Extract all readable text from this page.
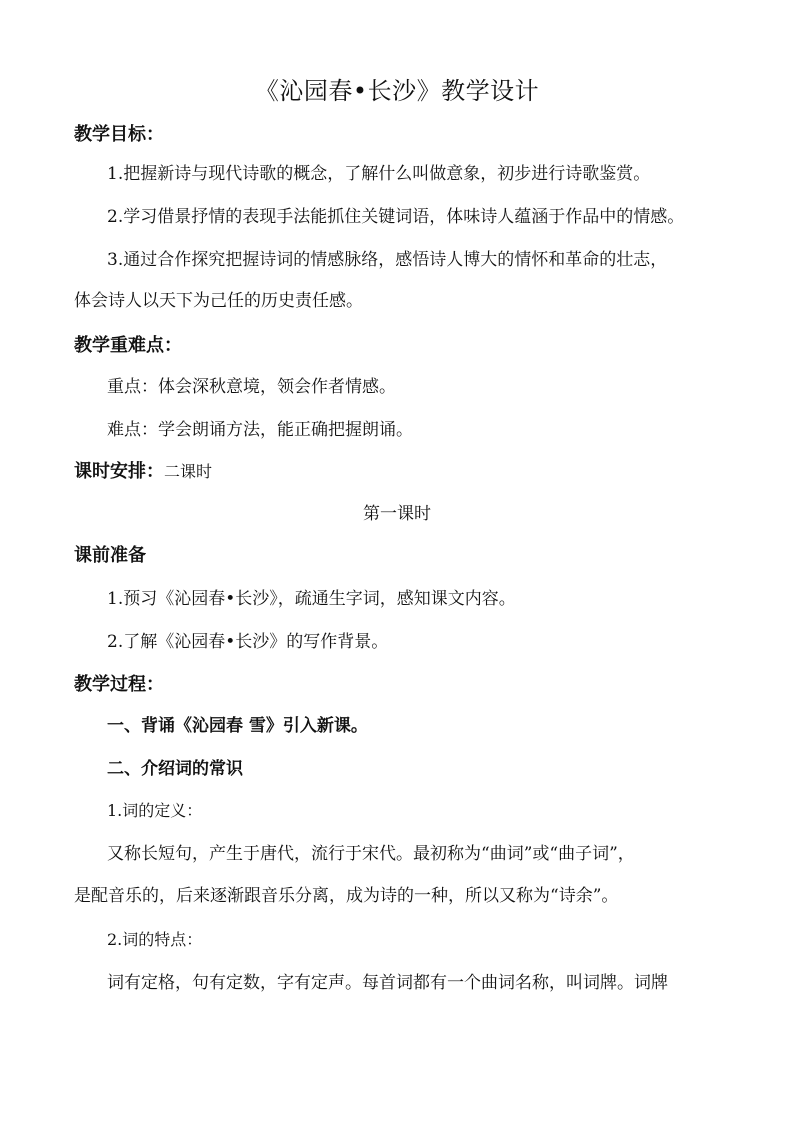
《沁园春•长沙》教学设计
教学目标：
1.把握新诗与现代诗歌的概念，了解什么叫做意象，初步进行诗歌鉴赏。
2.学习借景抒情的表现手法能抓住关键词语，体味诗人蕴涵于作品中的情感。
3.通过合作探究把握诗词的情感脉络，感悟诗人博大的情怀和革命的壮志，
体会诗人以天下为己任的历史责任感。
教学重难点：
重点：体会深秋意境，领会作者情感。
难点：学会朗诵方法，能正确把握朗诵。
课时安排：二课时
第一课时
课前准备
1.预习《沁园春•长沙》，疏通生字词，感知课文内容。
2.了解《沁园春•长沙》的写作背景。
教学过程：
一、背诵《沁园春 雪》引入新课。
二、介绍词的常识
1.词的定义：
又称长短句，产生于唐代，流行于宋代。最初称为“曲词”或“曲子词”，
是配音乐的，后来逐渐跟音乐分离，成为诗的一种，所以又称为“诗余”。
2.词的特点：
词有定格，句有定数，字有定声。每首词都有一个曲词名称，叫词牌。词牌
